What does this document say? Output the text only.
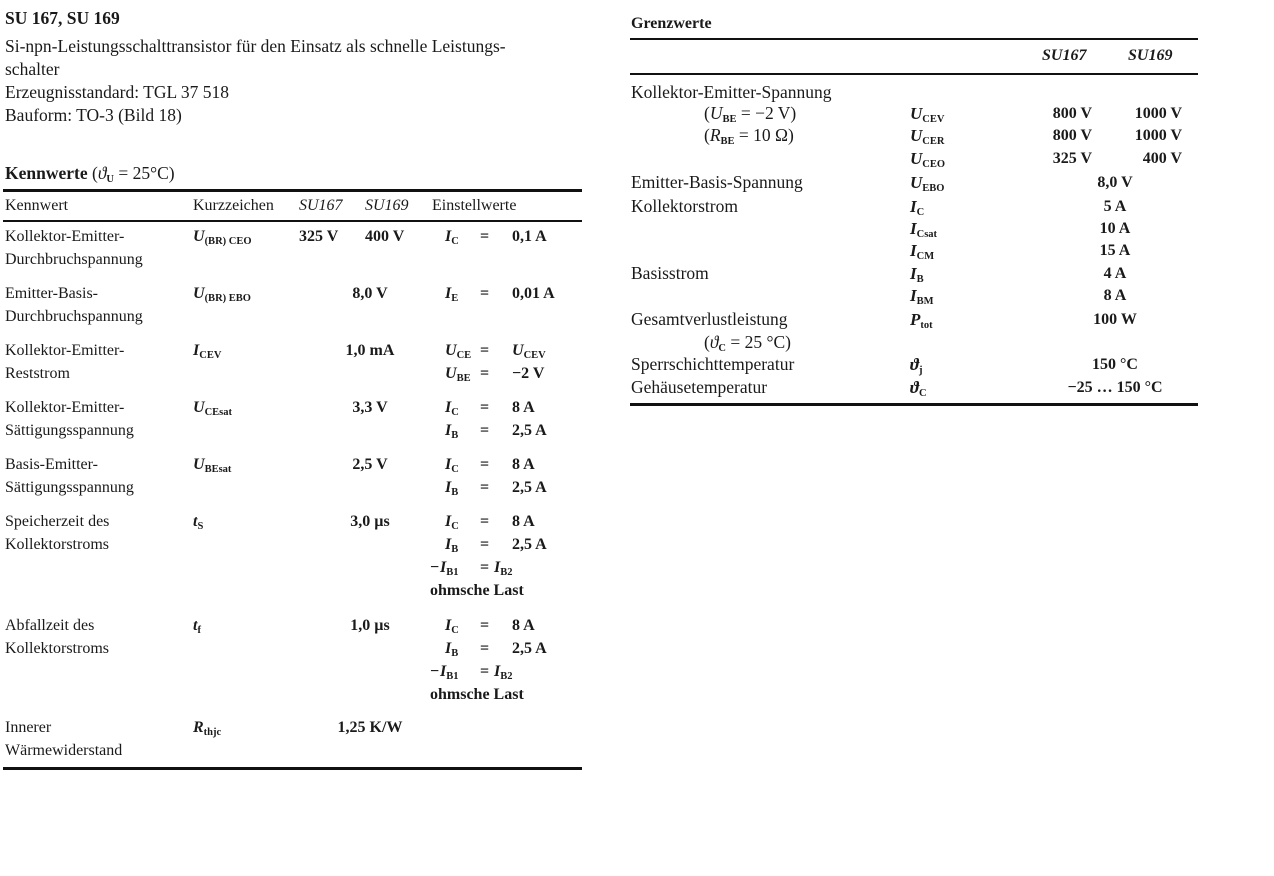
SU 167, SU 169
Si-npn-Leistungsschalttransistor für den Einsatz als schnelle Leistungs-
schalter
Erzeugnisstandard: TGL 37 518
Bauform: TO-3 (Bild 18)
Kennwerte $(ϑ_U = 25^\circ C)$
Kennwert	Kurzzeichen SU167 SU169 Einstellwerte
Kollektor-Emitter-
Durchbruchspannung
$U_{(BR) CEO}$	325 V 400 V	$I_C = 0,1$ A
Emitter-Basis-
Durchbruchspannung
$U_{(BR) EBO}$	8,0 V	$I_E = 0,01$ A
Kollektor-Emitter-
Reststrom
$I_{CEV}$	1,0 mA	$U_{CE} = U_{CEV}$
$U_{BE} = -2$ V
Kollektor-Emitter-
Sättigungsspannung
$U_{CEsat}$	3,3 V	$I_C = 8$ A
$I_B = 2,5$ A
Basis-Emitter-
Sättigungsspannung
$U_{BEsat}$	2,5 V	$I_C = 8$ A
$I_B = 2,5$ A
Speicherzeit des
Kollektorstroms
$t_S$	3,0 µs	$I_C = 8$ A
$I_B = 2,5$ A
− $I_{B1} = I_{B2}$
ohmsche Last
Abfallzeit des
Kollektorstroms
$t_f$	1,0 µs	$I_C = 8$ A
$I_B = 2,5$ A
− $I_{B1} = I_{B2}$
ohmsche Last
Innerer
Wärmewiderstand
$R_{thjc}$	1,25 K/W
Grenzwerte
SU167	SU169
Kollektor-Emitter-Spannung
($U_{BE} = -2$ V)	$U_{CEV}$	800 V	1000 V
($R_{BE} = 10$ Ω)	$U_{CER}$	800 V	1000 V
$U_{CEO}$	325 V	400 V
Emitter-Basis-Spannung	$U_{EBO}$	8,0 V
Kollektorstrom	$I_C$	5 A
$I_{Csat}$	10 A
$I_{CM}$	15 A
Basisstrom	$I_B$	4 A
$I_{BM}$	8 A
Gesamtverlustleistung	$P_{tot}$	100 W
($ϑ_C = 25$ °C)
Sperrschichttemperatur	$ϑ_j$	150 °C
Gehäusetemperatur	$ϑ_C$	−25 … 150 °C
